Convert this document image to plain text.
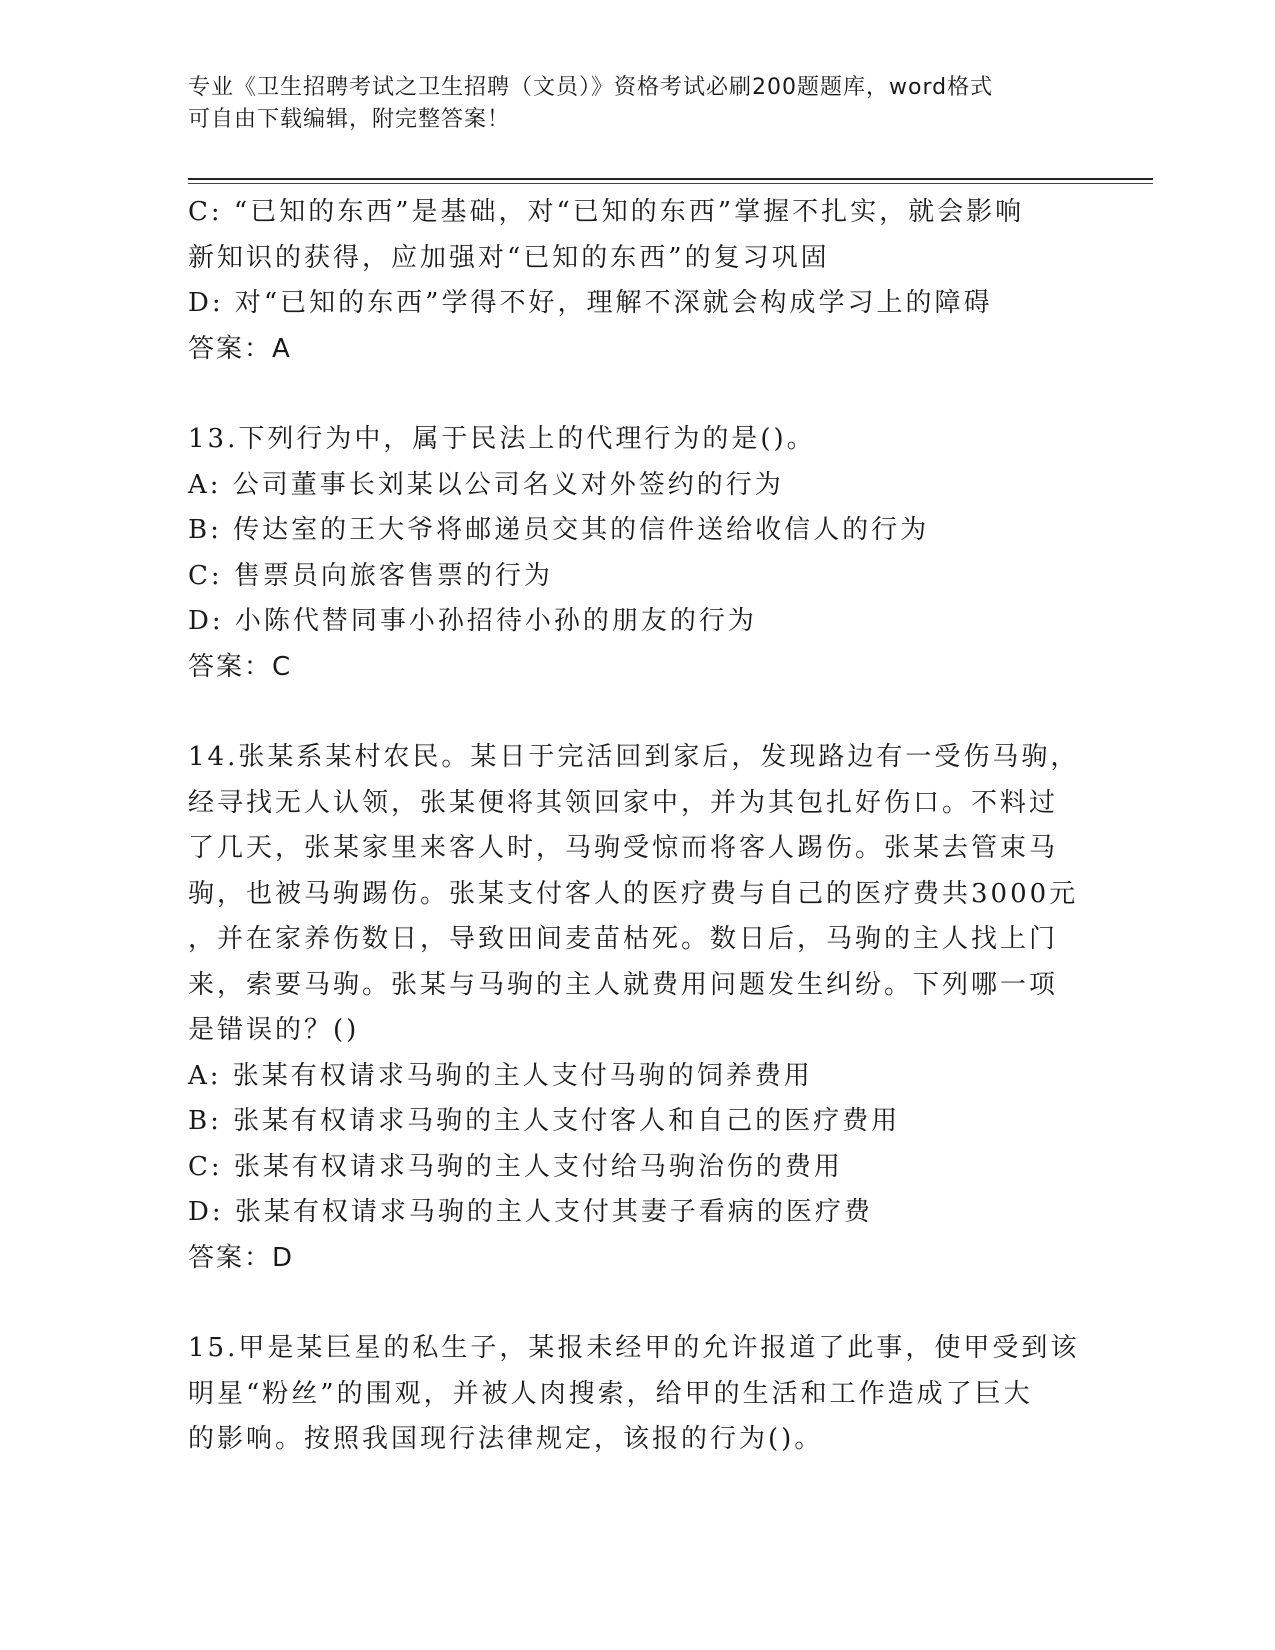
专业《卫生招聘考试之卫生招聘（文员）》资格考试必刷200题题库，word格式
可自由下载编辑，附完整答案！
C: “已知的东西”是基础，对“已知的东西”掌握不扎实，就会影响
新知识的获得，应加强对“已知的东西”的复习巩固
D: 对“已知的东西”学得不好，理解不深就会构成学习上的障碍
答案：A
13.下列行为中，属于民法上的代理行为的是()。
A: 公司董事长刘某以公司名义对外签约的行为
B: 传达室的王大爷将邮递员交其的信件送给收信人的行为
C: 售票员向旅客售票的行为
D: 小陈代替同事小孙招待小孙的朋友的行为
答案：C
14.张某系某村农民。某日于完活回到家后，发现路边有一受伤马驹，
经寻找无人认领，张某便将其领回家中，并为其包扎好伤口。不料过
了几天，张某家里来客人时，马驹受惊而将客人踢伤。张某去管束马
驹，也被马驹踢伤。张某支付客人的医疗费与自己的医疗费共3000元
，并在家养伤数日，导致田间麦苗枯死。数日后，马驹的主人找上门
来，索要马驹。张某与马驹的主人就费用问题发生纠纷。下列哪一项
是错误的？()
A: 张某有权请求马驹的主人支付马驹的饲养费用
B: 张某有权请求马驹的主人支付客人和自己的医疗费用
C: 张某有权请求马驹的主人支付给马驹治伤的费用
D: 张某有权请求马驹的主人支付其妻子看病的医疗费
答案：D
15.甲是某巨星的私生子，某报未经甲的允许报道了此事，使甲受到该
明星“粉丝”的围观，并被人肉搜索，给甲的生活和工作造成了巨大
的影响。按照我国现行法律规定，该报的行为()。
